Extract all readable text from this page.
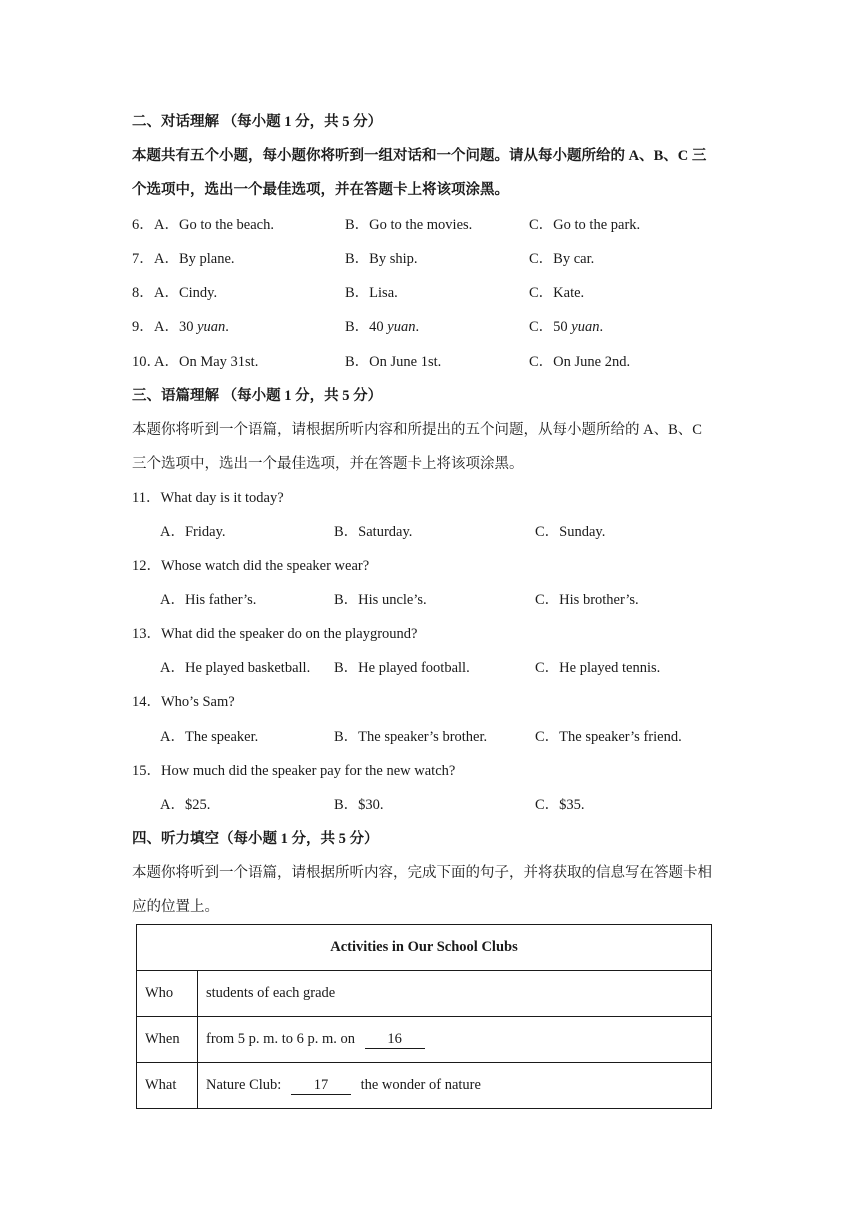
二、对话理解 （每小题 1 分，共 5 分）
本题共有五个小题，每小题你将听到一组对话和一个问题。请从每小题所给的 A、B、C 三
个选项中，选出一个最佳选项，并在答题卡上将该项涂黑。
6． A．Go to the beach.	B．Go to the movies.	C．Go to the park.
7． A．By plane.	B．By ship.	C．By car.
8． A．Cindy.	B．Lisa.	C．Kate.
9． A．30 yuan.	B．40 yuan.	C．50 yuan.
10．
A．On May 31st.	B．On June 1st.	C．On June 2nd.
三、语篇理解 （每小题 1 分，共 5 分）
本题你将听到一个语篇，请根据所听内容和所提出的五个问题，从每小题所给的 A、B、C
三个选项中，选出一个最佳选项，并在答题卡上将该项涂黑。
11．What day is it today?
A．Friday.	B．Saturday.	C．Sunday.
12．Whose watch did the speaker wear?
A．His father’s.	B．His uncle’s.	C．His brother’s.
13．What did the speaker do on the playground?
A．He played basketball. B．He played football.	C．He played tennis.
14．Who’s Sam?
A．The speaker.	B．The speaker’s brother.	C．The speaker’s friend.
15．How much did the speaker pay for the new watch?
A．$25.	B．$30.	C．$35.
四、听力填空（每小题 1 分，共 5 分）
本题你将听到一个语篇，请根据所听内容，完成下面的句子，并将获取的信息写在答题卡相
应的位置上。
Activities in Our School Clubs	
Who	students of each grade
When	from 5 p. m. to 6 p. m. on 16
What	Nature Club: 17 the wonder of nature
